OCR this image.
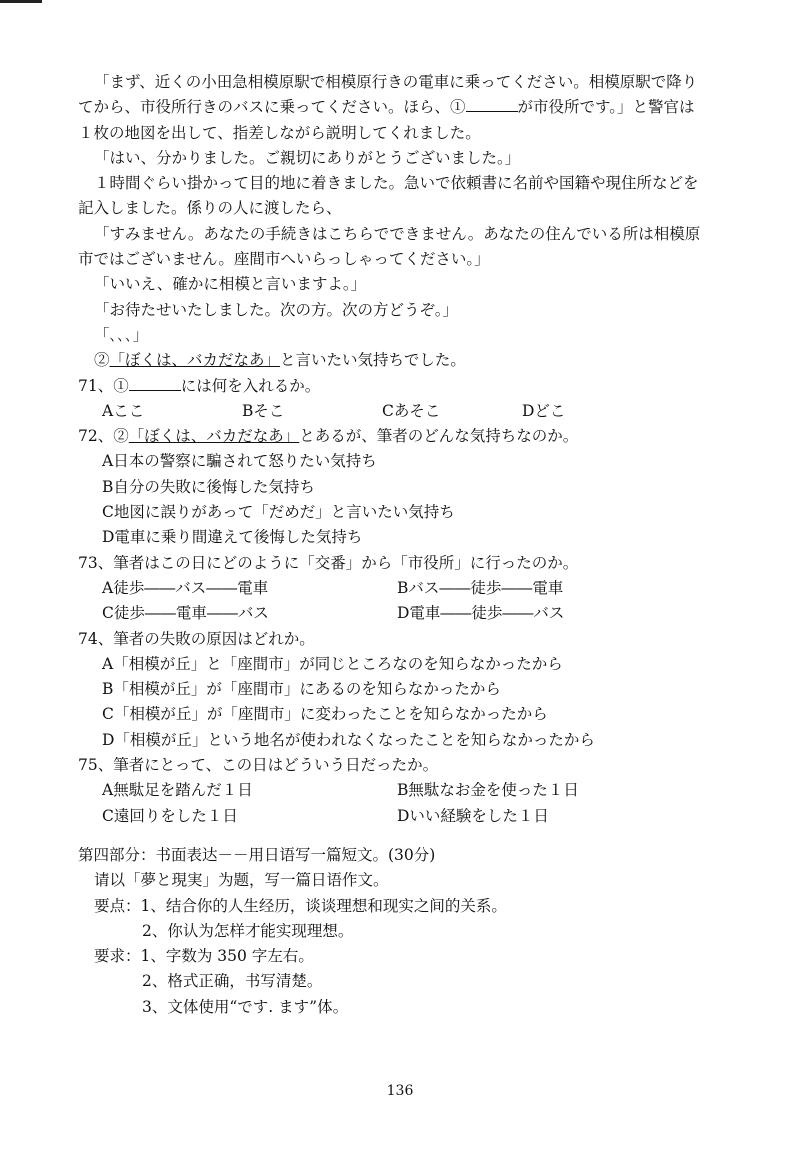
「まず、近くの小田急相模原駅で相模原行きの電車に乗ってください。相模原駅で降り
てから、市役所行きのバスに乗ってください。ほら、①	が市役所です。」と警官は
１枚の地図を出して、指差しながら説明してくれました。
「はい、分かりました。ご親切にありがとうございました。」
１時間ぐらい掛かって目的地に着きました。急いで依頼書に名前や国籍や現住所などを
記入しました。係りの人に渡したら、
「すみません。あなたの手続きはこちらでできません。あなたの住んでいる所は相模原
市ではございません。座間市へいらっしゃってください。」
「いいえ、確かに相模と言いますよ。」
「お待たせいたしました。次の方。次の方どうぞ。」
「､､､」
②「ぼくは、バカだなあ」と言いたい気持ちでした。
71、①	には何を入れるか。
Aここ	Bそこ	Cあそこ	Dどこ
72、②「ぼくは、バカだなあ」とあるが、筆者のどんな気持ちなのか。
A日本の警察に騙されて怒りたい気持ち
B自分の失敗に後悔した気持ち
C地図に誤りがあって「だめだ」と言いたい気持ち
D電車に乗り間違えて後悔した気持ち
73、筆者はこの日にどのように「交番」から「市役所」に行ったのか。
A徒歩――バス――電車	Bバス――徒歩――電車
C徒歩――電車――バス	D電車――徒歩――バス
74、筆者の失敗の原因はどれか。
A「相模が丘」と「座間市」が同じところなのを知らなかったから
B「相模が丘」が「座間市」にあるのを知らなかったから
C「相模が丘」が「座間市」に変わったことを知らなかったから
D「相模が丘」という地名が使われなくなったことを知らなかったから
75、筆者にとって、この日はどういう日だったか。
A無駄足を踏んだ１日	B無駄なお金を使った１日
C遠回りをした１日	Dいい経験をした１日
第四部分：书面表达－－用日语写一篇短文。(30分)
请以「夢と現実」为题，写一篇日语作文。
要点：1、结合你的人生经历，谈谈理想和现实之间的关系。
2、你认为怎样才能实现理想。
要求：1、字数为 350 字左右。
2、格式正确，书写清楚。
3、文体使用“です. ます”体。
136
